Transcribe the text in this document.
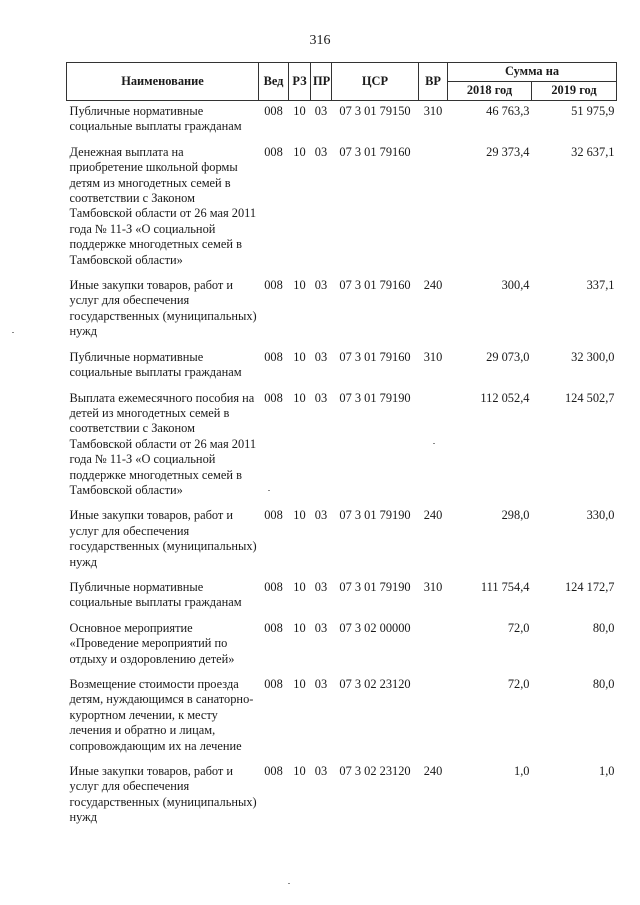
316
Наименование	Вед	РЗ	ПР	ЦСР	ВР	Сумма на	
						2018 год	2019 год
Публичные нормативные социальные выплаты гражданам	008	10	03	07 3 01 79150	310	46 763,3	51 975,9
Денежная выплата на приобретение школьной формы детям из многодетных семей в соответствии с Законом Тамбовской области от 26 мая 2011 года № 11-З «О социальной поддержке многодетных семей в Тамбовской области»	008	10	03	07 3 01 79160		29 373,4	32 637,1
Иные закупки товаров, работ и услуг для обеспечения государственных (муниципальных) нужд	008	10	03	07 3 01 79160	240	300,4	337,1
Публичные нормативные социальные выплаты гражданам	008	10	03	07 3 01 79160	310	29 073,0	32 300,0
Выплата ежемесячного пособия на детей из многодетных семей в соответствии с Законом Тамбовской области от 26 мая 2011 года № 11-З «О социальной поддержке многодетных семей в Тамбовской области»	008	10	03	07 3 01 79190		112 052,4	124 502,7
Иные закупки товаров, работ и услуг для обеспечения государственных (муниципальных) нужд	008	10	03	07 3 01 79190	240	298,0	330,0
Публичные нормативные социальные выплаты гражданам	008	10	03	07 3 01 79190	310	111 754,4	124 172,7
Основное мероприятие «Проведение мероприятий по отдыху и оздоровлению детей»	008	10	03	07 3 02 00000		72,0	80,0
Возмещение стоимости проезда детям, нуждающимся в санаторно-курортном лечении, к месту лечения и обратно и лицам, сопровождающим их на лечение	008	10	03	07 3 02 23120		72,0	80,0
Иные закупки товаров, работ и услуг для обеспечения государственных (муниципальных) нужд	008	10	03	07 3 02 23120	240	1,0	1,0
